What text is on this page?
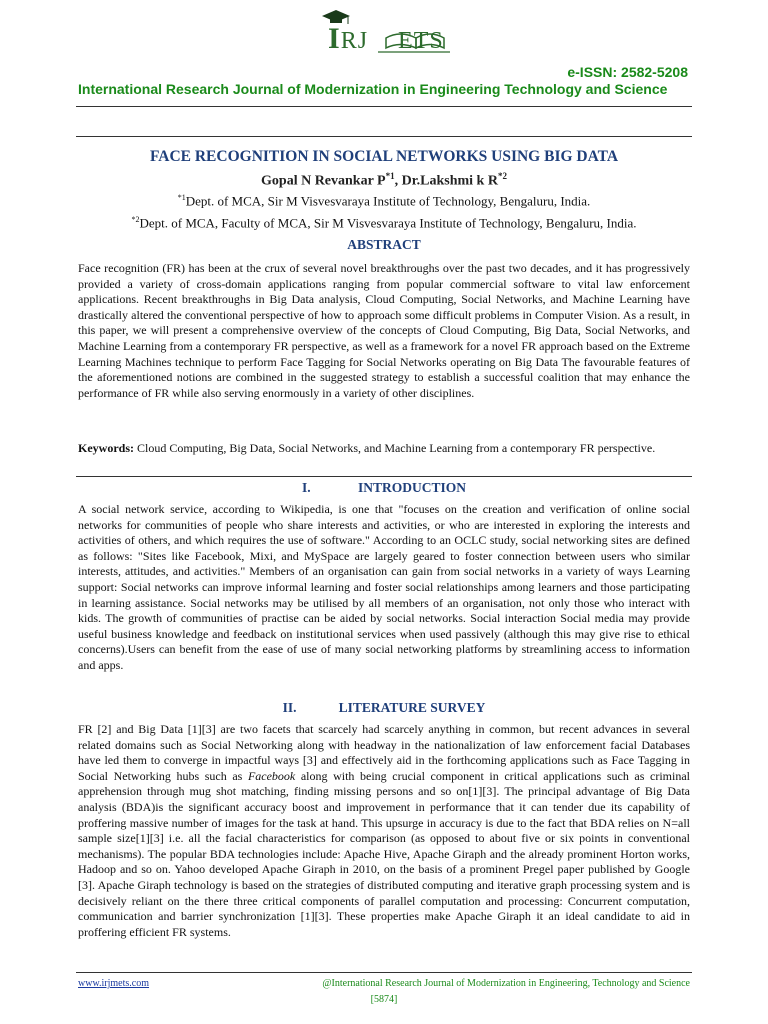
IRJ ETS
e-ISSN: 2582-5208
International Research Journal of Modernization in Engineering Technology and Science
FACE RECOGNITION IN SOCIAL NETWORKS USING BIG DATA
Gopal N Revankar $P^{*1}$, Dr.Lakshmi k $R^{*2}$
$^{*1}$Dept. of MCA, Sir M Visvesvaraya Institute of Technology, Bengaluru, India.
$^{*2}$Dept. of MCA, Faculty of MCA, Sir M Visvesvaraya Institute of Technology, Bengaluru, India.
ABSTRACT
Face recognition (FR) has been at the crux of several novel breakthroughs over the past two decades, and it has progressively provided a variety of cross-domain applications ranging from popular commercial software to vital law enforcement applications. Recent breakthroughs in Big Data analysis, Cloud Computing, Social Networks, and Machine Learning have drastically altered the conventional perspective of how to approach some difficult problems in Computer Vision. As a result, in this paper, we will present a comprehensive overview of the concepts of Cloud Computing, Big Data, Social Networks, and Machine Learning from a contemporary FR perspective, as well as a framework for a novel FR approach based on the Extreme Learning Machines technique to perform Face Tagging for Social Networks operating on Big Data The favourable features of the aforementioned notions are combined in the suggested strategy to establish a successful coalition that may enhance the performance of FR while also serving enormously in a variety of other disciplines.
Keywords: Cloud Computing, Big Data, Social Networks, and Machine Learning from a contemporary FR perspective.
I.	INTRODUCTION
A social network service, according to Wikipedia, is one that "focuses on the creation and verification of online social networks for communities of people who share interests and activities, or who are interested in exploring the interests and activities of others, and which requires the use of software." According to an OCLC study, social networking sites are defined as follows: "Sites like Facebook, Mixi, and MySpace are largely geared to foster connection between users who similar interests, attitudes, and activities." Members of an organisation can gain from social networks in a variety of ways Learning support: Social networks can improve informal learning and foster social relationships among learners and those participating in learning assistance. Social networks may be utilised by all members of an organisation, not only those who interact with kids. The growth of communities of practise can be aided by social networks. Social interaction Social media may provide useful business knowledge and feedback on institutional services when used passively (although this may give rise to ethical concerns).Users can benefit from the ease of use of many social networking platforms by streamlining access to information and apps.
II.	LITERATURE SURVEY
FR [2] and Big Data [1][3] are two facets that scarcely had scarcely anything in common, but recent advances in several related domains such as Social Networking along with headway in the nationalization of law enforcement facial Databases have led them to converge in impactful ways [3] and effectively aid in the forthcoming applications such as Face Tagging in Social Networking hubs such as Facebook along with being crucial component in critical applications such as criminal apprehension through mug shot matching, finding missing persons and so on[1][3]. The principal advantage of Big Data analysis (BDA)is the significant accuracy boost and improvement in performance that it can tender due its capability of proffering massive number of images for the task at hand. This upsurge in accuracy is due to the fact that BDA relies on N=all sample size[1][3] i.e. all the facial characteristics for comparison (as opposed to about five or six points in conventional mechanisms). The popular BDA technologies include: Apache Hive, Apache Giraph and the already prominent Horton works, Hadoop and so on. Yahoo developed Apache Giraph in 2010, on the basis of a prominent Pregel paper published by Google [3]. Apache Giraph technology is based on the strategies of distributed computing and iterative graph processing system and is decisively reliant on the there three critical components of parallel computation and processing: Concurrent computation, communication and barrier synchronization [1][3]. These properties make Apache Giraph it an ideal candidate to aid in proffering efficient FR systems.
www.irjmets.com	@International Research Journal of Modernization in Engineering, Technology and Science
[5874]
